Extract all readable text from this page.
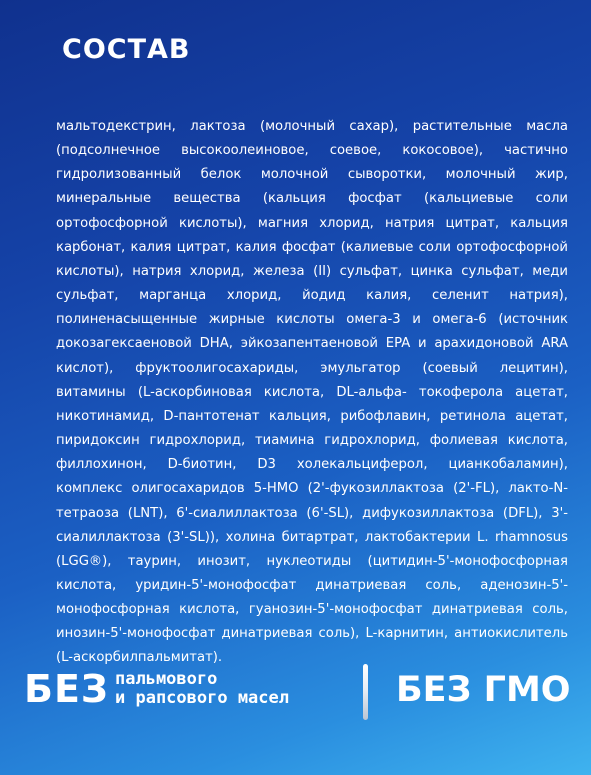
СОСТАВ

мальтодекстрин, лактоза (молочный сахар), растительные масла (подсолнечное высокоолеиновое, соевое, кокосовое), частично гидролизованный белок молочной сыворотки, молочный жир, минеральные вещества (кальция фосфат (кальциевые соли ортофосфорной кислоты), магния хлорид, натрия цитрат, кальция карбонат, калия цитрат, калия фосфат (калиевые соли ортофосфорной кислоты), натрия хлорид, железа (II) сульфат, цинка сульфат, меди сульфат, марганца хлорид, йодид калия, селенит натрия), полиненасыщенные жирные кислоты омега-3 и омега-6 (источник докозагексаеновой DHA, эйкозапентаеновой EPA и арахидоновой ARA кислот), фруктоолигосахариды, эмульгатор (соевый лецитин), витамины (L-аскорбиновая кислота, DL-альфа- токоферола ацетат, никотинамид, D-пантотенат кальция, рибофлавин, ретинола ацетат, пиридоксин гидрохлорид, тиамина гидрохлорид, фолиевая кислота, филлохинон, D-биотин, D3 холекальциферол, цианкобаламин), комплекс олигосахаридов 5-HMO (2'-фукозиллактоза (2'-FL), лакто-N-тетраоза (LNT), 6'-сиалиллактоза (6'-SL), дифукозиллактоза (DFL), 3'-сиалиллактоза (3'-SL)), холина битартрат, лактобактерии L. rhamnosus (LGG®), таурин, инозит, нуклеотиды (цитидин-5'-монофосфорная кислота, уридин-5'-монофосфат динатриевая соль, аденозин-5'-монофосфорная кислота, гуанозин-5'-монофосфат динатриевая соль, инозин-5'-монофосфат динатриевая соль), L-карнитин, антиокислитель (L-аскорбилпальмитат).

БЕЗ пальмового
и рапсового масел	БЕЗ ГМО
